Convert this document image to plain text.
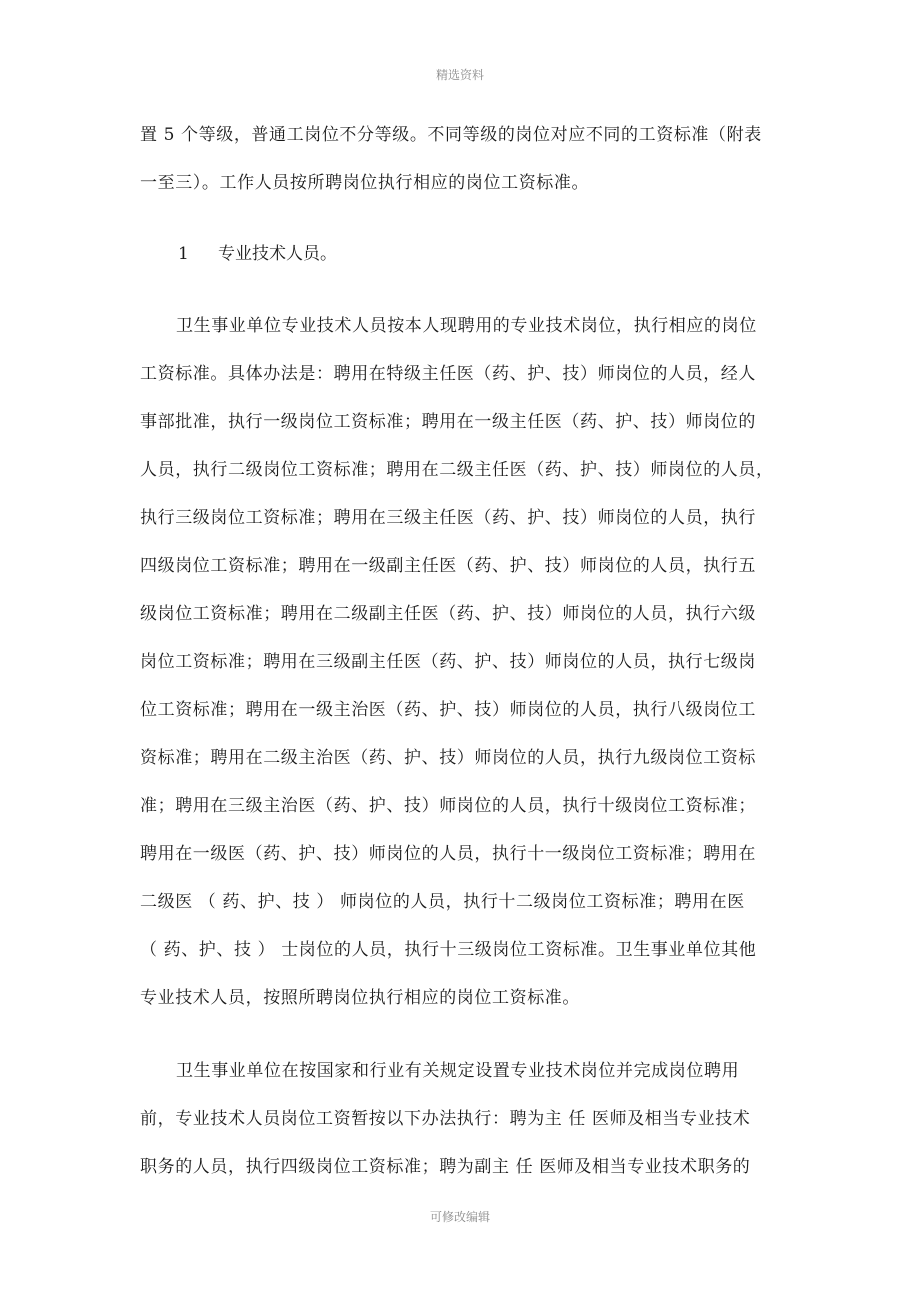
精选资料
置 5 个等级，普通工岗位不分等级。不同等级的岗位对应不同的工资标准（附表
一至三）。工作人员按所聘岗位执行相应的岗位工资标准。
1 专业技术人员。
卫生事业单位专业技术人员按本人现聘用的专业技术岗位，执行相应的岗位
工资标准。具体办法是：聘用在特级主任医（药、护、技）师岗位的人员，经人
事部批准，执行一级岗位工资标准；聘用在一级主任医（药、护、技）师岗位的
人员，执行二级岗位工资标准；聘用在二级主任医（药、护、技）师岗位的人员，
执行三级岗位工资标准；聘用在三级主任医（药、护、技）师岗位的人员，执行
四级岗位工资标准；聘用在一级副主任医（药、护、技）师岗位的人员，执行五
级岗位工资标准；聘用在二级副主任医（药、护、技）师岗位的人员，执行六级
岗位工资标准；聘用在三级副主任医（药、护、技）师岗位的人员，执行七级岗
位工资标准；聘用在一级主治医（药、护、技）师岗位的人员，执行八级岗位工
资标准；聘用在二级主治医（药、护、技）师岗位的人员，执行九级岗位工资标
准；聘用在三级主治医（药、护、技）师岗位的人员，执行十级岗位工资标准；
聘用在一级医（药、护、技）师岗位的人员，执行十一级岗位工资标准；聘用在
二级医 （ 药、护、技 ） 师岗位的人员，执行十二级岗位工资标准；聘用在医
（ 药、护、技 ） 士岗位的人员，执行十三级岗位工资标准。卫生事业单位其他
专业技术人员，按照所聘岗位执行相应的岗位工资标准。
卫生事业单位在按国家和行业有关规定设置专业技术岗位并完成岗位聘用
前，专业技术人员岗位工资暂按以下办法执行：聘为主 任 医师及相当专业技术
职务的人员，执行四级岗位工资标准；聘为副主 任 医师及相当专业技术职务的
可修改编辑
